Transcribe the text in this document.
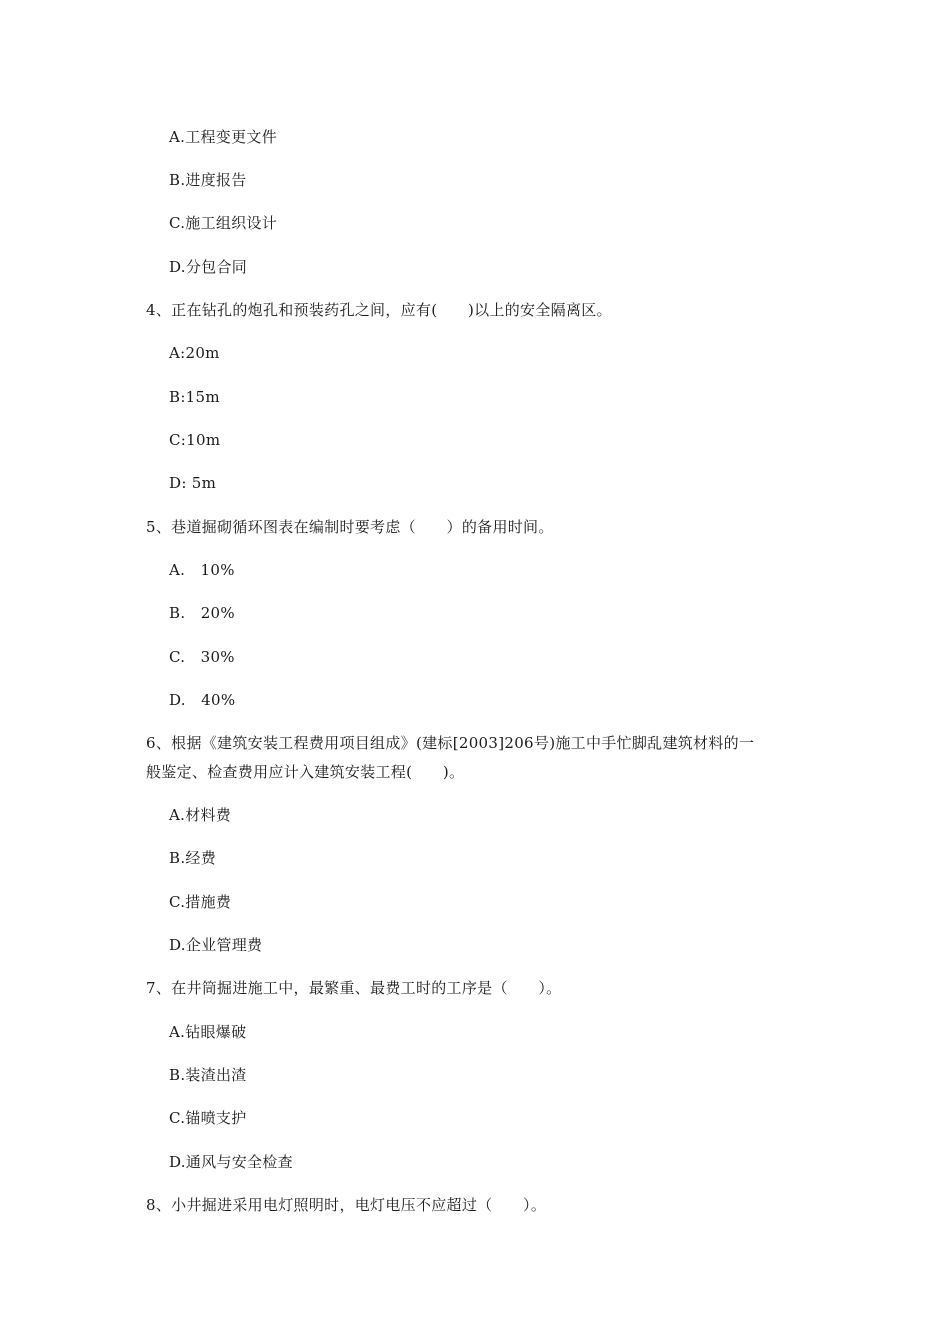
A.工程变更文件
B.进度报告
C.施工组织设计
D.分包合同
4、正在钻孔的炮孔和预装药孔之间，应有(　　)以上的安全隔离区。
A:20m
B:15m
C:10m
D: 5m
5、巷道掘砌循环图表在编制时要考虑（　　）的备用时间。
A.　10%
B.　20%
C.　30%
D.　40%
6、根据《建筑安装工程费用项目组成》(建标[2003]206号)施工中手忙脚乱建筑材料的一
般鉴定、检查费用应计入建筑安装工程(　　)。
A.材料费
B.经费
C.措施费
D.企业管理费
7、在井筒掘进施工中，最繁重、最费工时的工序是（　　）。
A.钻眼爆破
B.装渣出渣
C.锚喷支护
D.通风与安全检查
8、小井掘进采用电灯照明时，电灯电压不应超过（　　）。
